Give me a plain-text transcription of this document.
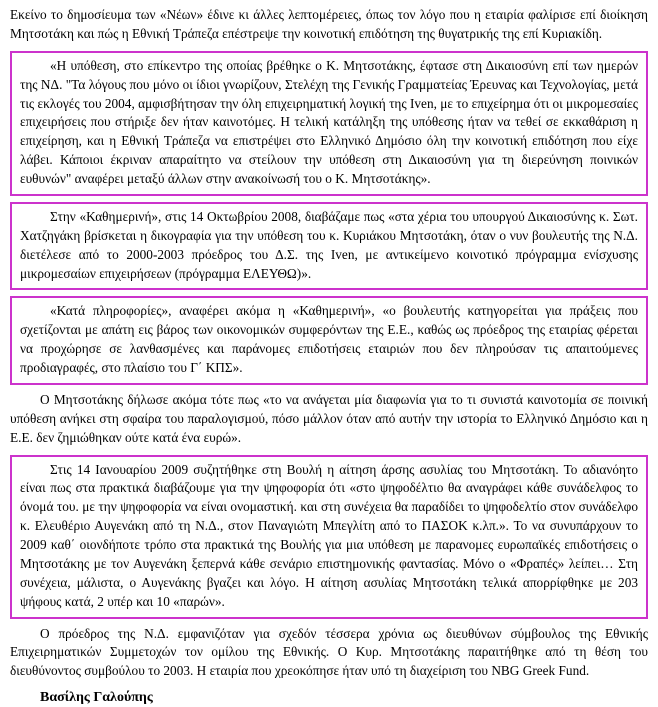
Εκείνο το δημοσίευμα των «Νέων» έδινε κι άλλες λεπτομέρειες, όπως τον λόγο που η εταιρία φαλίρισε επί διοίκηση Μητσοτάκη και πώς η Εθνική Τράπεζα επέστρεψε την κοινοτική επιδότηση της θυγατρικής της επί Κυριακίδη.

«Η υπόθεση, στο επίκεντρο της οποίας βρέθηκε ο Κ. Μητσοτάκης, έφτασε στη Δικαιοσύνη επί των ημερών της ΝΔ. "Τα λόγους που μόνο οι ίδιοι γνωρίζουν, Στελέχη της Γενικής Γραμματείας Έρευνας και Τεχνολογίας, μετά τις εκλογές του 2004, αμφισβήτησαν την όλη επιχειρηματική λογική της Iven, με το επιχείρημα ότι οι μικρομεσαίες επιχειρήσεις που στήριξε δεν ήταν καινοτόμες. Η τελική κατάληξη της υπόθεσης ήταν να τεθεί σε εκκαθάριση η επιχείρηση, και η Εθνική Τράπεζα να επιστρέψει στο Ελληνικό Δημόσιο όλη την κοινοτική επιδότηση που είχε λάβει. Κάποιοι έκριναν απαραίτητο να στείλουν την υπόθεση στη Δικαιοσύνη για τη διερεύνηση ποινικών ευθυνών" αναφέρει μεταξύ άλλων στην ανακοίνωσή του ο Κ. Μητσοτάκης».

Στην «Καθημερινή», στις 14 Οκτωβρίου 2008, διαβάζαμε πως «στα χέρια του υπουργού Δικαιοσύνης κ. Σωτ. Χατζηγάκη βρίσκεται η δικογραφία για την υπόθεση του κ. Κυριάκου Μητσοτάκη, όταν ο νυν βουλευτής της Ν.Δ. διετέλεσε από το 2000-2003 πρόεδρος του Δ.Σ. της Iven, με αντικείμενο κοινοτικό πρόγραμμα ενίσχυσης μικρομεσαίων επιχειρήσεων (πρόγραμμα ΕΛΕΥΘΩ)».

«Κατά πληροφορίες», αναφέρει ακόμα η «Καθημερινή», «ο βουλευτής κατηγορείται για πράξεις που σχετίζονται με απάτη εις βάρος των οικονομικών συμφερόντων της Ε.Ε., καθώς ως πρόεδρος της εταιρίας φέρεται να προχώρησε σε λανθασμένες και παράνομες επιδοτήσεις εταιριών που δεν πληρούσαν τις απαιτούμενες προδιαγραφές, στο πλαίσιο του Γ΄ ΚΠΣ».

Ο Μητσοτάκης δήλωσε ακόμα τότε πως «το να ανάγεται μία διαφωνία για το τι συνιστά καινοτομία σε ποινική υπόθεση ανήκει στη σφαίρα του παραλογισμού, πόσο μάλλον όταν από αυτήν την ιστορία το Ελληνικό Δημόσιο και η Ε.Ε. δεν ζημιώθηκαν ούτε κατά ένα ευρώ».

Στις 14 Ιανουαρίου 2009 συζητήθηκε στη Βουλή η αίτηση άρσης ασυλίας του Μητσοτάκη. Το αδιανόητο είναι πως στα πρακτικά διαβάζουμε για την ψηφοφορία ότι «στο ψηφοδέλτιο θα αναγράφει κάθε συνάδελφος το όνομά του. με την ψηφοφορία να είναι ονομαστική. και στη συνέχεια θα παραδίδει το ψηφοδελτίο στον συνάδελφο κ. Ελευθέριο Αυγενάκη από τη Ν.Δ., στον Παναγιώτη Μπεγλίτη από το ΠΑΣΟΚ κ.λπ.». Το να συνυπάρχουν το 2009 καθ΄ οιονδήποτε τρόπο στα πρακτικά της Βουλής για μια υπόθεση με παρανομες ευρωπαϊκές επιδοτήσεις ο Μητσοτάκης με τον Αυγενάκη ξεπερνά κάθε σενάριο επιστημονικής φαντασίας. Μόνο ο «Φραπές» λείπει… Στη συνέχεια, μάλιστα, ο Αυγενάκης βγαζει και λόγο. Η αίτηση ασυλίας Μητσοτάκη τελικά απορρίφθηκε με 203 ψήφους κατά, 2 υπέρ και 10 «παρών».

Ο πρόεδρος της Ν.Δ. εμφανιζόταν για σχεδόν τέσσερα χρόνια ως διευθύνων σύμβουλος της Εθνικής Επιχειρηματικών Συμμετοχών τον ομίλου της Εθνικής. Ο Κυρ. Μητσοτάκης παραιτήθηκε από τη θέση του διευθύνοντος συμβούλου το 2003. Η εταιρία που χρεοκόπησε ήταν υπό τη διαχείριση του NBG Greek Fund.

Βασίλης Γαλούπης
